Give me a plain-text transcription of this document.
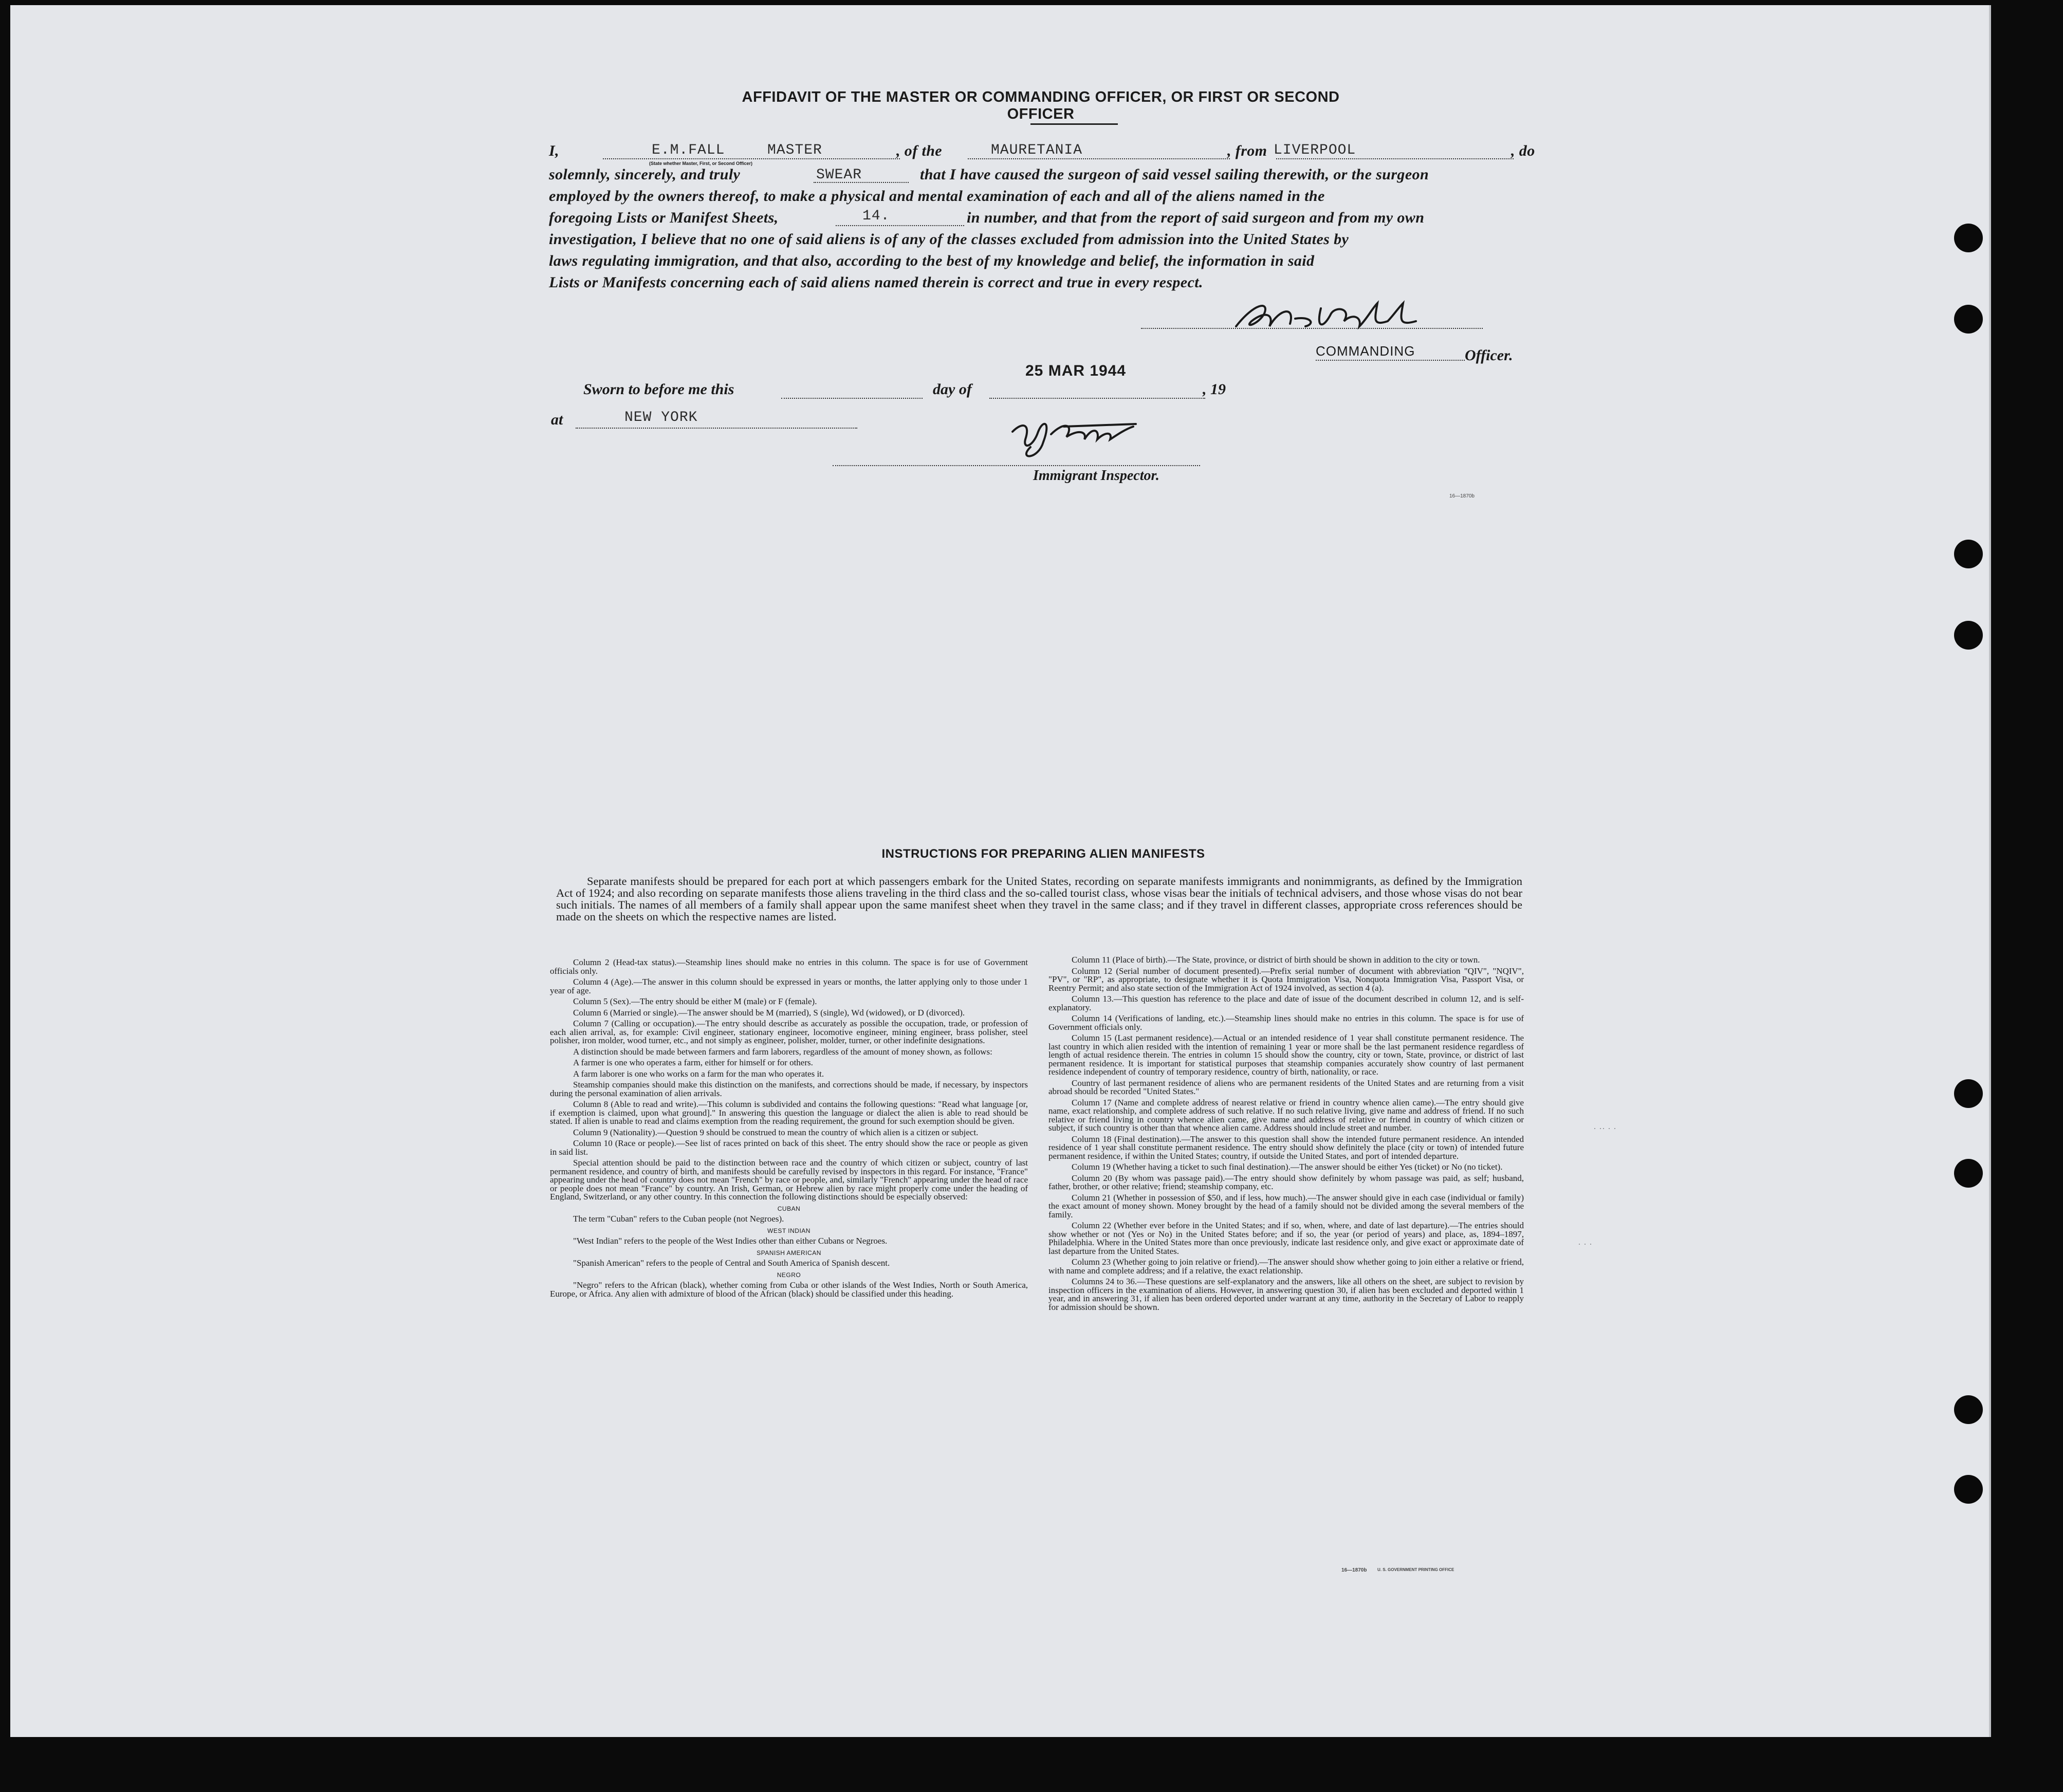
AFFIDAVIT OF THE MASTER OR COMMANDING OFFICER, OR FIRST OR SECOND OFFICER
I,	E.M.FALL	MASTER	, of the	MAURETANIA	, from LIVERPOOL	, do
(State whether Master, First, or Second Officer)
solemnly, sincerely, and truly	SWEAR	that I have caused the surgeon of said vessel sailing therewith, or the surgeon
employed by the owners thereof, to make a physical and mental examination of each and all of the aliens named in the
foregoing Lists or Manifest Sheets,	14.	in number, and that from the report of said surgeon and from my own
investigation, I believe that no one of said aliens is of any of the classes excluded from admission into the United States by
laws regulating immigration, and that also, according to the best of my knowledge and belief, the information in said
Lists or Manifests concerning each of said aliens named therein is correct and true in every respect.
COMMANDING	Officer.
Sworn to before me this	day of
25 MAR 1944
, 19
at	NEW YORK
Immigrant Inspector.
16—1870b
INSTRUCTIONS FOR PREPARING ALIEN MANIFESTS
Separate manifests should be prepared for each port at which passengers embark for the United States, recording on separate manifests immigrants and nonimmigrants, as defined by the Immigration Act of 1924; and also recording on separate manifests those aliens traveling in the third class and the so-called tourist class, whose visas bear the initials of technical advisers, and those whose visas do not bear such initials. The names of all members of a family shall appear upon the same manifest sheet when they travel in the same class; and if they travel in different classes, appropriate cross references should be made on the sheets on which the respective names are listed.

Column 2 (Head-tax status).—Steamship lines should make no entries in this column. The space is for use of Government officials only.

Column 4 (Age).—The answer in this column should be expressed in years or months, the latter applying only to those under 1 year of age.

Column 5 (Sex).—The entry should be either M (male) or F (female).

Column 6 (Married or single).—The answer should be M (married), S (single), Wd (widowed), or D (divorced).

Column 7 (Calling or occupation).—The entry should describe as accurately as possible the occupation, trade, or profession of each alien arrival, as, for example: Civil engineer, stationary engineer, locomotive engineer, mining engineer, brass polisher, steel polisher, iron molder, wood turner, etc., and not simply as engineer, polisher, molder, turner, or other indefinite designations.

A distinction should be made between farmers and farm laborers, regardless of the amount of money shown, as follows:

A farmer is one who operates a farm, either for himself or for others.

A farm laborer is one who works on a farm for the man who operates it.

Steamship companies should make this distinction on the manifests, and corrections should be made, if necessary, by inspectors during the personal examination of alien arrivals.

Column 8 (Able to read and write).—This column is subdivided and contains the following questions: "Read what language [or, if exemption is claimed, upon what ground]." In answering this question the language or dialect the alien is able to read should be stated. If alien is unable to read and claims exemption from the reading requirement, the ground for such exemption should be given.

Column 9 (Nationality).—Question 9 should be construed to mean the country of which alien is a citizen or subject.

Column 10 (Race or people).—See list of races printed on back of this sheet. The entry should show the race or people as given in said list.

Special attention should be paid to the distinction between race and the country of which citizen or subject, country of last permanent residence, and country of birth, and manifests should be carefully revised by inspectors in this regard. For instance, "France" appearing under the head of country does not mean "French" by race or people, and, similarly "French" appearing under the head of race or people does not mean "France" by country. An Irish, German, or Hebrew alien by race might properly come under the heading of England, Switzerland, or any other country. In this connection the following distinctions should be especially observed:

CUBAN

The term "Cuban" refers to the Cuban people (not Negroes).

WEST INDIAN

"West Indian" refers to the people of the West Indies other than either Cubans or Negroes.

SPANISH AMERICAN

"Spanish American" refers to the people of Central and South America of Spanish descent.

NEGRO

"Negro" refers to the African (black), whether coming from Cuba or other islands of the West Indies, North or South America, Europe, or Africa. Any alien with admixture of blood of the African (black) should be classified under this heading.

Column 11 (Place of birth).—The State, province, or district of birth should be shown in addition to the city or town.

Column 12 (Serial number of document presented).—Prefix serial number of document with abbreviation "QIV", "NQIV", "PV", or "RP", as appropriate, to designate whether it is Quota Immigration Visa, Nonquota Immigration Visa, Passport Visa, or Reentry Permit; and also state section of the Immigration Act of 1924 involved, as section 4 (a).

Column 13.—This question has reference to the place and date of issue of the document described in column 12, and is self-explanatory.

Column 14 (Verifications of landing, etc.).—Steamship lines should make no entries in this column. The space is for use of Government officials only.

Column 15 (Last permanent residence).—Actual or an intended residence of 1 year shall constitute permanent residence. The last country in which alien resided with the intention of remaining 1 year or more shall be the last permanent residence regardless of length of actual residence therein. The entries in column 15 should show the country, city or town, State, province, or district of last permanent residence. It is important for statistical purposes that steamship companies accurately show country of last permanent residence independent of country of temporary residence, country of birth, nationality, or race.

Country of last permanent residence of aliens who are permanent residents of the United States and are returning from a visit abroad should be recorded "United States."

Column 17 (Name and complete address of nearest relative or friend in country whence alien came).—The entry should give name, exact relationship, and complete address of such relative. If no such relative living, give name and address of friend. If no such relative or friend living in country whence alien came, give name and address of relative or friend in country of which citizen or subject, if such country is other than that whence alien came. Address should include street and number.

Column 18 (Final destination).—The answer to this question shall show the intended future permanent residence. An intended residence of 1 year shall constitute permanent residence. The entry should show definitely the place (city or town) of intended future permanent residence, if within the United States; country, if outside the United States, and port of intended departure.

Column 19 (Whether having a ticket to such final destination).—The answer should be either Yes (ticket) or No (no ticket).

Column 20 (By whom was passage paid).—The entry should show definitely by whom passage was paid, as self; husband, father, brother, or other relative; friend; steamship company, etc.

Column 21 (Whether in possession of $50, and if less, how much).—The answer should give in each case (individual or family) the exact amount of money shown. Money brought by the head of a family should not be divided among the several members of the family.

Column 22 (Whether ever before in the United States; and if so, when, where, and date of last departure).—The entries should show whether or not (Yes or No) in the United States before; and if so, the year (or period of years) and place, as, 1894–1897, Philadelphia. Where in the United States more than once previously, indicate last residence only, and give exact or approximate date of last departure from the United States.

Column 23 (Whether going to join relative or friend).—The answer should show whether going to join either a relative or friend, with name and complete address; and if a relative, the exact relationship.

Columns 24 to 36.—These questions are self-explanatory and the answers, like all others on the sheet, are subject to revision by inspection officers in the examination of aliens. However, in answering question 30, if alien has been excluded and deported within 1 year, and in answering 31, if alien has been ordered deported under warrant at any time, authority in the Secretary of Labor to reapply for admission should be shown.

16—1870b	U. S. GOVERNMENT PRINTING OFFICE
· ·· · ·
· · ·
